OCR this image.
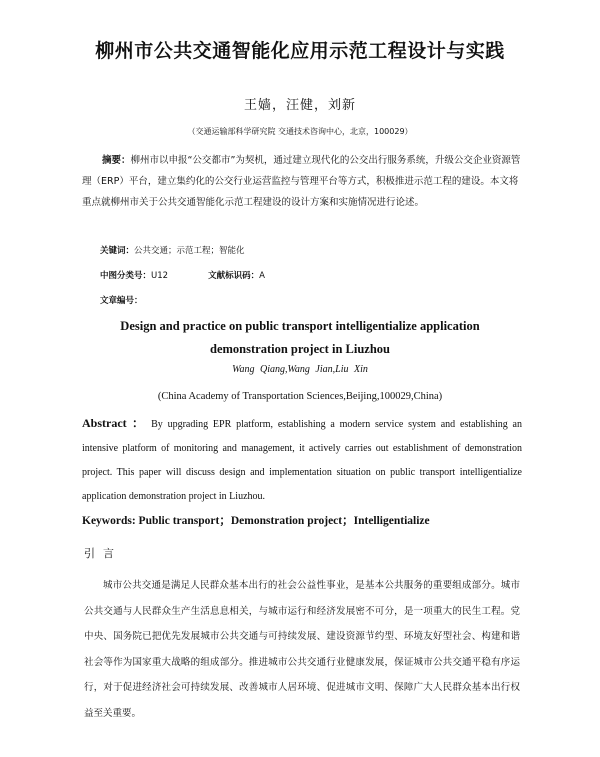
柳州市公共交通智能化应用示范工程设计与实践
王嫱，汪健，刘新
（交通运输部科学研究院 交通技术咨询中心，北京，100029）
摘要：柳州市以申报“公交都市”为契机，通过建立现代化的公交出行服务系统，升级公交企业资源管理（ERP）平台，建立集约化的公交行业运营监控与管理平台等方式，积极推进示范工程的建设。本文将重点就柳州市关于公共交通智能化示范工程建设的设计方案和实施情况进行论述。
关键词：公共交通；示范工程；智能化
中图分类号：U12	文献标识码：A
文章编号：
Design and practice on public transport intelligentialize application
demonstration project in Liuzhou
Wang Qiang,Wang Jian,Liu Xin
(China Academy of Transportation Sciences,Beijing,100029,China)
Abstract ： By upgrading EPR platform, establishing a modern service system and establishing an intensive platform of monitoring and management, it actively carries out establishment of demonstration project. This paper will discuss design and implementation situation on public transport intelligentialize application demonstration project in Liuzhou.
Keywords: Public transport；Demonstration project；Intelligentialize
引言
城市公共交通是满足人民群众基本出行的社会公益性事业，是基本公共服务的重要组成部分。城市公共交通与人民群众生产生活息息相关，与城市运行和经济发展密不可分，是一项重大的民生工程。党中央、国务院已把优先发展城市公共交通与可持续发展、建设资源节约型、环境友好型社会、构建和谐社会等作为国家重大战略的组成部分。推进城市公共交通行业健康发展，保证城市公共交通平稳有序运行，对于促进经济社会可持续发展、改善城市人居环境、促进城市文明、保障广大人民群众基本出行权益至关重要。
